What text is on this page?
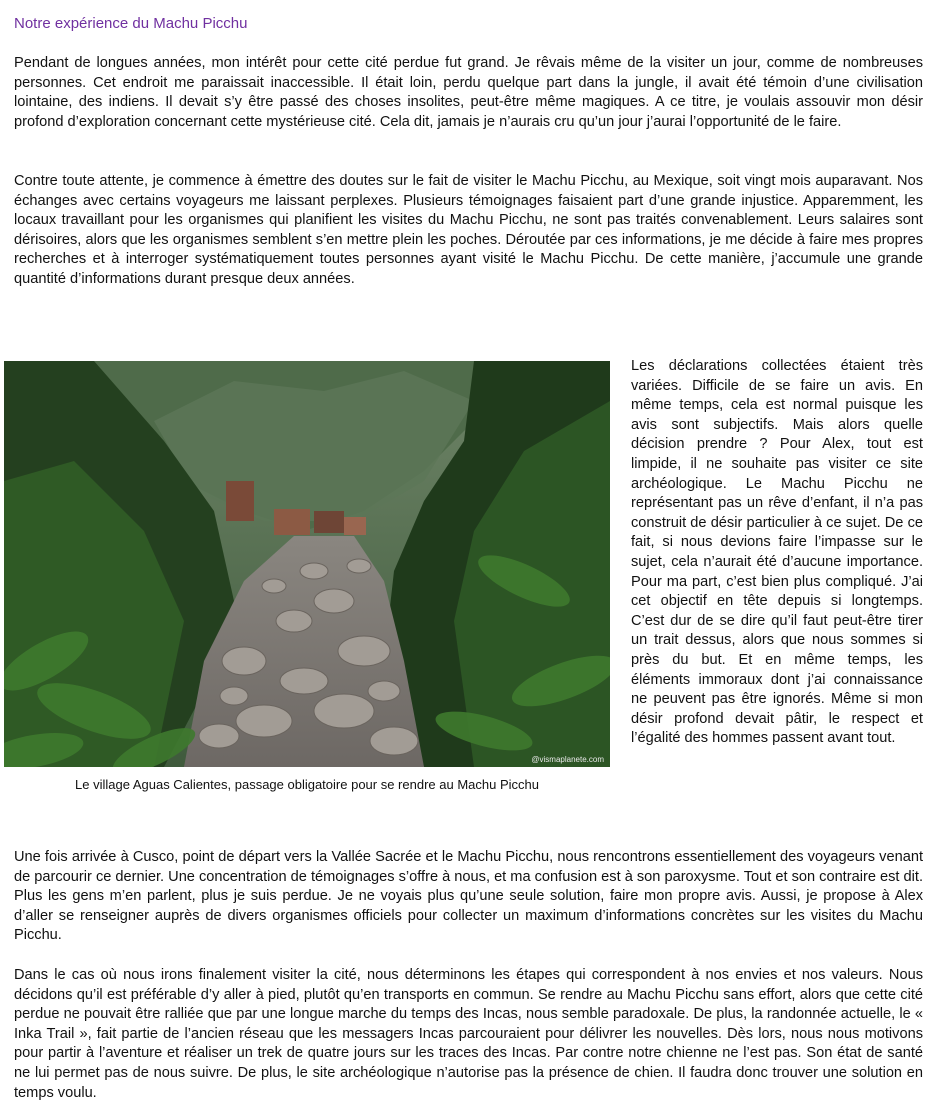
Notre expérience du Machu Picchu

Pendant de longues années, mon intérêt pour cette cité perdue fut grand. Je rêvais même de la visiter un jour, comme de nombreuses personnes. Cet endroit me paraissait inaccessible. Il était loin, perdu quelque part dans la jungle, il avait été témoin d’une civilisation lointaine, des indiens. Il devait s’y être passé des choses insolites, peut-être même magiques. A ce titre, je voulais assouvir mon désir profond d’exploration concernant cette mystérieuse cité. Cela dit, jamais je n’aurais cru qu’un jour j’aurai l’opportunité de le faire.

Contre toute attente, je commence à émettre des doutes sur le fait de visiter le Machu Picchu, au Mexique, soit vingt mois auparavant. Nos échanges avec certains voyageurs me laissant perplexes. Plusieurs témoignages faisaient part d’une grande injustice. Apparemment, les locaux travaillant pour les organismes qui planifient les visites du Machu Picchu, ne sont pas traités convenablement. Leurs salaires sont dérisoires, alors que les organismes semblent s’en mettre plein les poches. Déroutée par ces informations, je me décide à faire mes propres recherches et à interroger systématiquement toutes personnes ayant visité le Machu Picchu. De cette manière, j’accumule une grande quantité d’informations durant presque deux années.

@vismaplanete.com

Le village Aguas Calientes, passage obligatoire pour se rendre au Machu Picchu

Les déclarations collectées étaient très variées. Difficile de se faire un avis. En même temps, cela est normal puisque les avis sont subjectifs. Mais alors quelle décision prendre ? Pour Alex, tout est limpide, il ne souhaite pas visiter ce site archéologique. Le Machu Picchu ne représentant pas un rêve d’enfant, il n’a pas construit de désir particulier à ce sujet. De ce fait, si nous devions faire l’impasse sur le sujet, cela n’aurait été d’aucune importance. Pour ma part, c’est bien plus compliqué. J’ai cet objectif en tête depuis si longtemps. C’est dur de se dire qu’il faut peut-être tirer un trait dessus, alors que nous sommes si près du but. Et en même temps, les éléments immoraux dont j’ai connaissance ne peuvent pas être ignorés. Même si mon désir profond devait pâtir, le respect et l’égalité des hommes passent avant tout.

Une fois arrivée à Cusco, point de départ vers la Vallée Sacrée et le Machu Picchu, nous rencontrons essentiellement des voyageurs venant de parcourir ce dernier. Une concentration de témoignages s’offre à nous, et ma confusion est à son paroxysme. Tout et son contraire est dit. Plus les gens m’en parlent, plus je suis perdue. Je ne voyais plus qu’une seule solution, faire mon propre avis. Aussi, je propose à Alex d’aller se renseigner auprès de divers organismes officiels pour collecter un maximum d’informations concrètes sur les visites du Machu Picchu.

Dans le cas où nous irons finalement visiter la cité, nous déterminons les étapes qui correspondent à nos envies et nos valeurs. Nous décidons qu’il est préférable d’y aller à pied, plutôt qu’en transports en commun. Se rendre au Machu Picchu sans effort, alors que cette cité perdue ne pouvait être ralliée que par une longue marche du temps des Incas, nous semble paradoxale. De plus, la randonnée actuelle, le « Inka Trail », fait partie de l’ancien réseau que les messagers Incas parcouraient pour délivrer les nouvelles. Dès lors, nous nous motivons pour partir à l’aventure et réaliser un trek de quatre jours sur les traces des Incas. Par contre notre chienne ne l’est pas. Son état de santé ne lui permet pas de nous suivre. De plus, le site archéologique n’autorise pas la présence de chien. Il faudra donc trouver une solution en temps voulu.
